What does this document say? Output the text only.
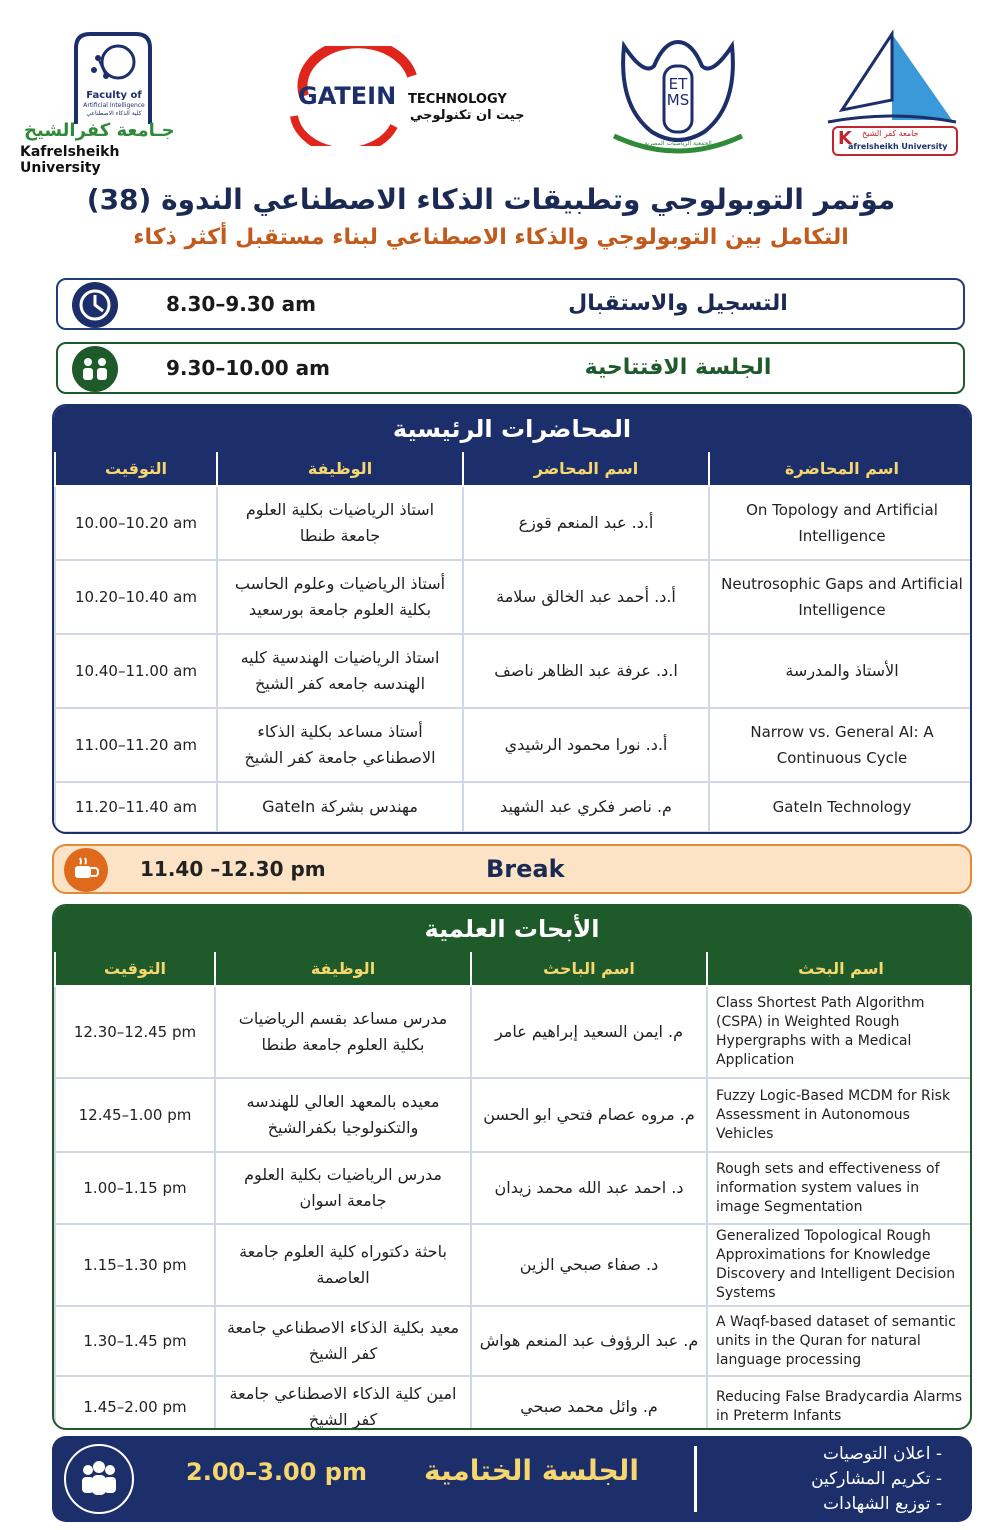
Faculty of
Artificial Intelligence
كلية الذكاء الاصطناعي
جـامعة كفرالشيخ
Kafrelsheikh University
GATEIN TECHNOLOGY
جيت ان تكنولوجي
ETMS
الجمعية الرياضيات المصرية	K جامعة كفر الشيخ
afrelsheikh University
مؤتمر التوبولوجي وتطبيقات الذكاء الاصطناعي الندوة (38)
التكامل بين التوبولوجي والذكاء الاصطناعي لبناء مستقبل أكثر ذكاء
8.30–9.30 am	التسجيل والاستقبال
9.30–10.00 am	الجلسة الافتتاحية
المحاضرات الرئيسية
التوقيت	الوظيفة	اسم المحاضر	اسم المحاضرة
10.00–10.20 am	استاذ الرياضيات بكلية العلوم جامعة طنطا	أ.د. عبد المنعم قوزع	On Topology and Artificial Intelligence
10.20–10.40 am	أستاذ الرياضيات وعلوم الحاسب بكلية العلوم جامعة بورسعيد	أ.د. أحمد عبد الخالق سلامة	Neutrosophic Gaps and Artificial Intelligence
10.40–11.00 am	استاذ الرياضيات الهندسية كليه الهندسه جامعه كفر الشيخ	ا.د. عرفة عبد الظاهر ناصف	الأستاذ والمدرسة
11.00–11.20 am	أستاذ مساعد بكلية الذكاء الاصطناعي جامعة كفر الشيخ	أ.د. نورا محمود الرشيدي	Narrow vs. General AI: A Continuous Cycle
11.20–11.40 am	مهندس بشركة GateIn	م. ناصر فكري عبد الشهيد	GateIn Technology
11.40 –12.30 pm	Break
الأبحات العلمية
التوقيت	الوظيفة	اسم الباحث	اسم البحث
12.30–12.45 pm	مدرس مساعد بقسم الرياضيات بكلية العلوم جامعة طنطا	م. ايمن السعيد إبراهيم عامر	Class Shortest Path Algorithm (CSPA) in Weighted Rough Hypergraphs with a Medical Application
12.45–1.00 pm	معيده بالمعهد العالي للهندسه والتكنولوجيا بكفرالشيخ	م. مروه عصام فتحي ابو الحسن	Fuzzy Logic-Based MCDM for Risk Assessment in Autonomous Vehicles
1.00–1.15 pm	مدرس الرياضيات بكلية العلوم جامعة اسوان	د. احمد عبد الله محمد زيدان	Rough sets and effectiveness of information system values in image Segmentation
1.15–1.30 pm	باحثة دكتوراه كلية العلوم جامعة العاصمة	د. صفاء صبحي الزين	Generalized Topological Rough Approximations for Knowledge Discovery and Intelligent Decision Systems
1.30–1.45 pm	معيد بكلية الذكاء الاصطناعي جامعة كفر الشيخ	م. عبد الرؤوف عبد المنعم هواش	A Waqf-based dataset of semantic units in the Quran for natural language processing
1.45–2.00 pm	امين كلية الذكاء الاصطناعي جامعة كفر الشيخ	م. وائل محمد صبحي	Reducing False Bradycardia Alarms in Preterm Infants
2.00–3.00 pm الجلسة الختامية	- اعلان التوصيات
- تكريم المشاركين
- توزيع الشهادات
